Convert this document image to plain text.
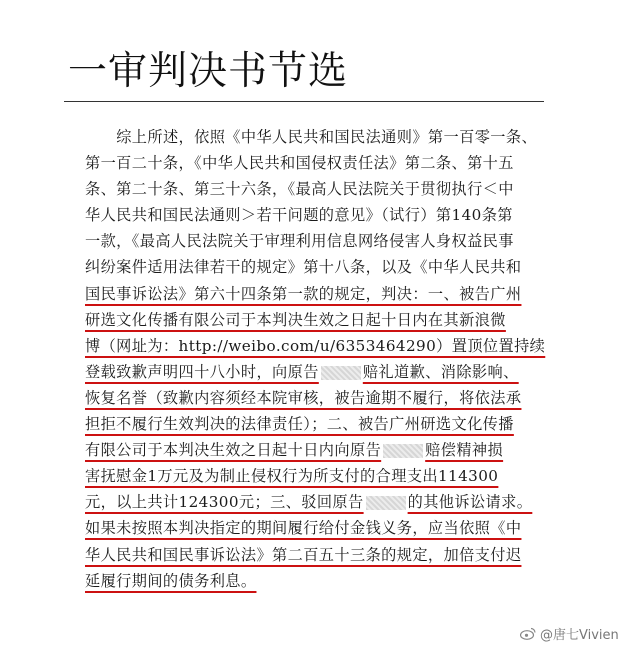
一审判决书节选
　　综上所述，依照《中华人民共和国民法通则》第一百零一条、
第一百二十条，《中华人民共和国侵权责任法》第二条、第十五
条、第二十条、第三十六条，《最高人民法院关于贯彻执行＜中
华人民共和国民法通则＞若干问题的意见》（试行）第140条第
一款，《最高人民法院关于审理利用信息网络侵害人身权益民事
纠纷案件适用法律若干的规定》第十八条，以及《中华人民共和
国民事诉讼法》第六十四条第一款的规定，判决：一、被告广州
研选文化传播有限公司于本判决生效之日起十日内在其新浪微
博（网址为：http://weibo.com/u/6353464290）置顶位置持续
登载致歉声明四十八小时，向原告	赔礼道歉、消除影响、
恢复名誉（致歉内容须经本院审核，被告逾期不履行，将依法承
担拒不履行生效判决的法律责任）；二、被告广州研选文化传播
有限公司于本判决生效之日起十日内向原告	赔偿精神损
害抚慰金1万元及为制止侵权行为所支付的合理支出114300
元，以上共计124300元；三、驳回原告	的其他诉讼请求。
如果未按照本判决指定的期间履行给付金钱义务，应当依照《中
华人民共和国民事诉讼法》第二百五十三条的规定，加倍支付迟
延履行期间的债务利息。
@唐七Vivien
